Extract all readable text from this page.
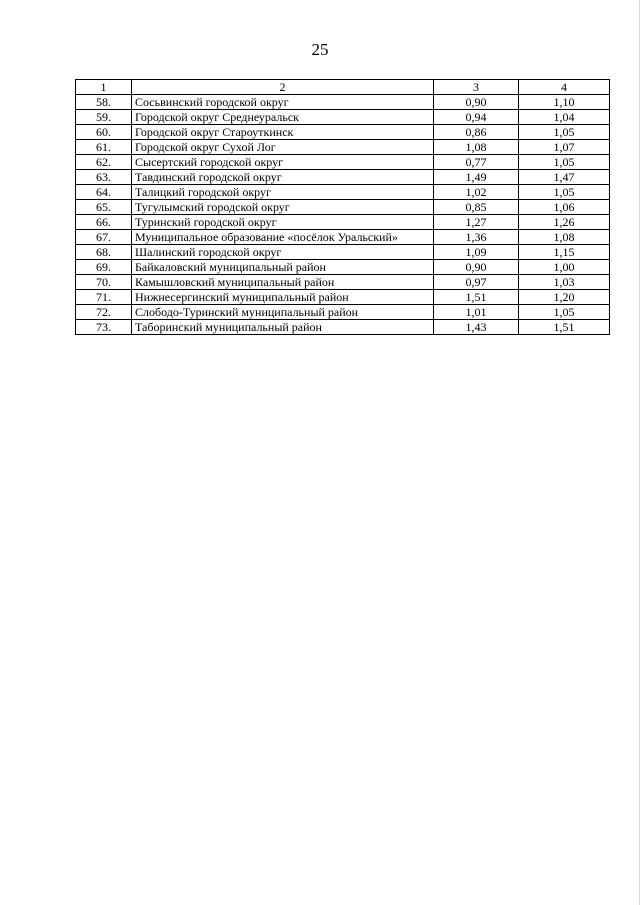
25
1	2	3	4
58.	Сосьвинский городской округ	0,90	1,10
59.	Городской округ Среднеуральск	0,94	1,04
60.	Городской округ Староуткинск	0,86	1,05
61.	Городской округ Сухой Лог	1,08	1,07
62.	Сысертский городской округ	0,77	1,05
63.	Тавдинский городской округ	1,49	1,47
64.	Талицкий городской округ	1,02	1,05
65.	Тугулымский городской округ	0,85	1,06
66.	Туринский городской округ	1,27	1,26
67.	Муниципальное образование «посёлок Уральский»	1,36	1,08
68.	Шалинский городской округ	1,09	1,15
69.	Байкаловский муниципальный район	0,90	1,00
70.	Камышловский муниципальный район	0,97	1,03
71.	Нижнесергинский муниципальный район	1,51	1,20
72.	Слободо-Туринский муниципальный район	1,01	1,05
73.	Таборинский муниципальный район	1,43	1,51
